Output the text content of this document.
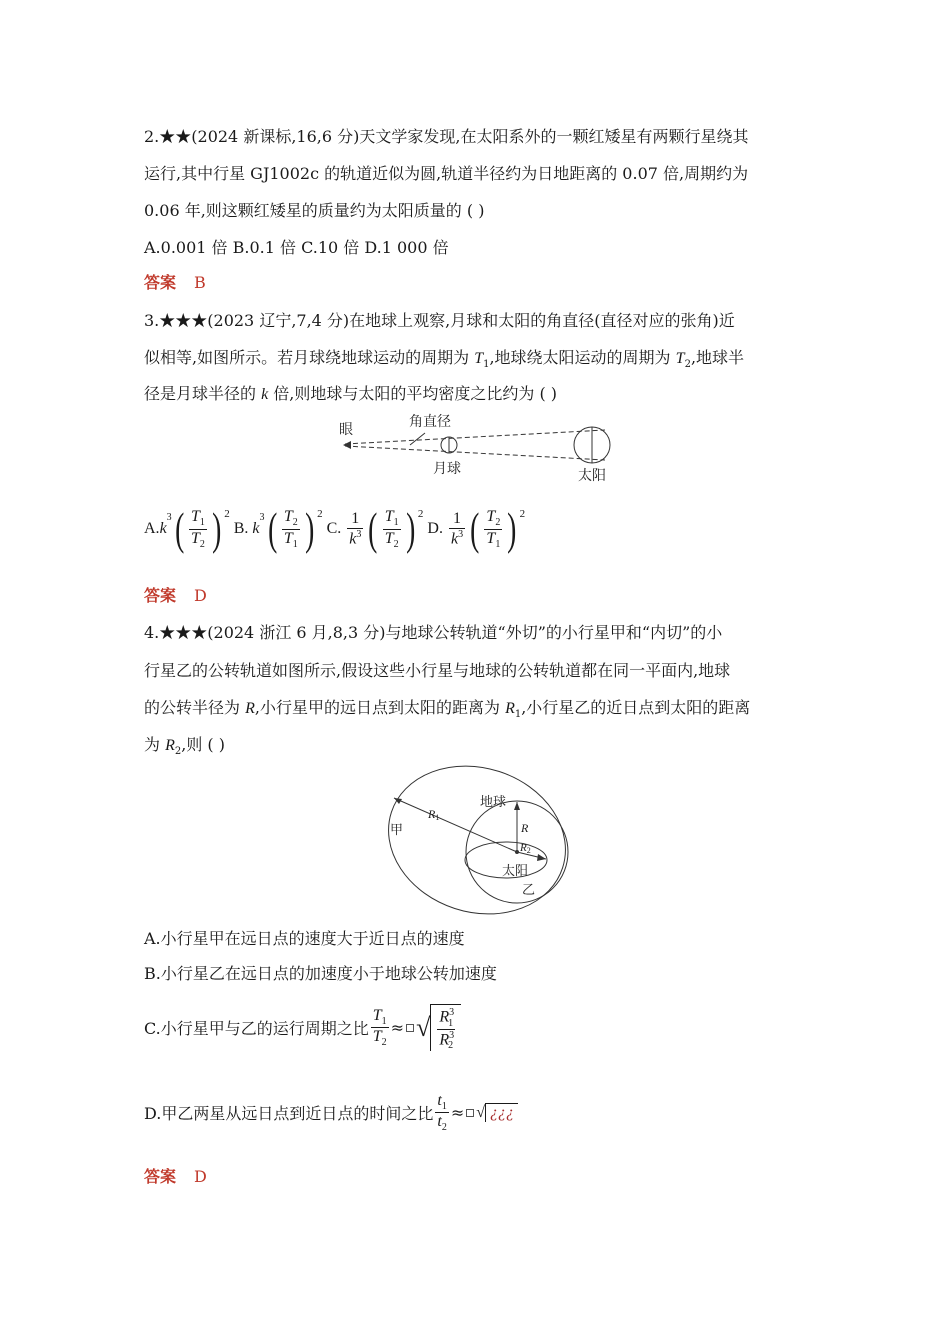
2.★★(2024 新课标,16,6 分)天文学家发现,在太阳系外的一颗红矮星有两颗行星绕其
运行,其中行星 GJ1002c 的轨道近似为圆,轨道半径约为日地距离的 0.07 倍,周期约为
0.06 年,则这颗红矮星的质量约为太阳质量的 ( )
A.0.001 倍 B.0.1 倍 C.10 倍 D.1 000 倍
答案 B
3.★★★(2023 辽宁,7,4 分)在地球上观察,月球和太阳的角直径(直径对应的张角)近
似相等,如图所示。若月球绕地球运动的周期为 $T_1$,地球绕太阳运动的周期为 $T_2$,地球半
径是月球半径的 k 倍,则地球与太阳的平均密度之比约为 ( )
眼	角直径
月球	太阳
A. k
$^3$ ( $\frac{T_1}{T_2}$ ) 2
B. k
$^3$ ( $\frac{T_2}{T_1}$ ) 2
C. $\frac{1}{k^3}$ ( $\frac{T_1}{T_2}$ ) 2
D. $\frac{1}{k^3}$ ( $\frac{T_2}{T_1}$ ) 2
答案 D
4.★★★(2024 浙江 6 月,8,3 分)与地球公转轨道“外切”的小行星甲和“内切”的小
行星乙的公转轨道如图所示,假设这些小行星与地球的公转轨道都在同一平面内,地球
的公转半径为 R,小行星甲的远日点到太阳的距离为 $R_1$,小行星乙的近日点到太阳的距离
为 $R_2$,则 ( )
地球
甲
乙
太阳
R
R1
R2
A.小行星甲在远日点的速度大于近日点的速度
B.小行星乙在远日点的加速度小于地球公转加速度
C.小行星甲与乙的运行周期之比 $\frac{T_1}{T_2}$ ≈ √ $\frac{R^3_1}{R^3_2}$
D.甲乙两星从远日点到近日点的时间之比 $\frac{t_1}{t_2}$ ≈ √ ¿¿¿
答案 D
